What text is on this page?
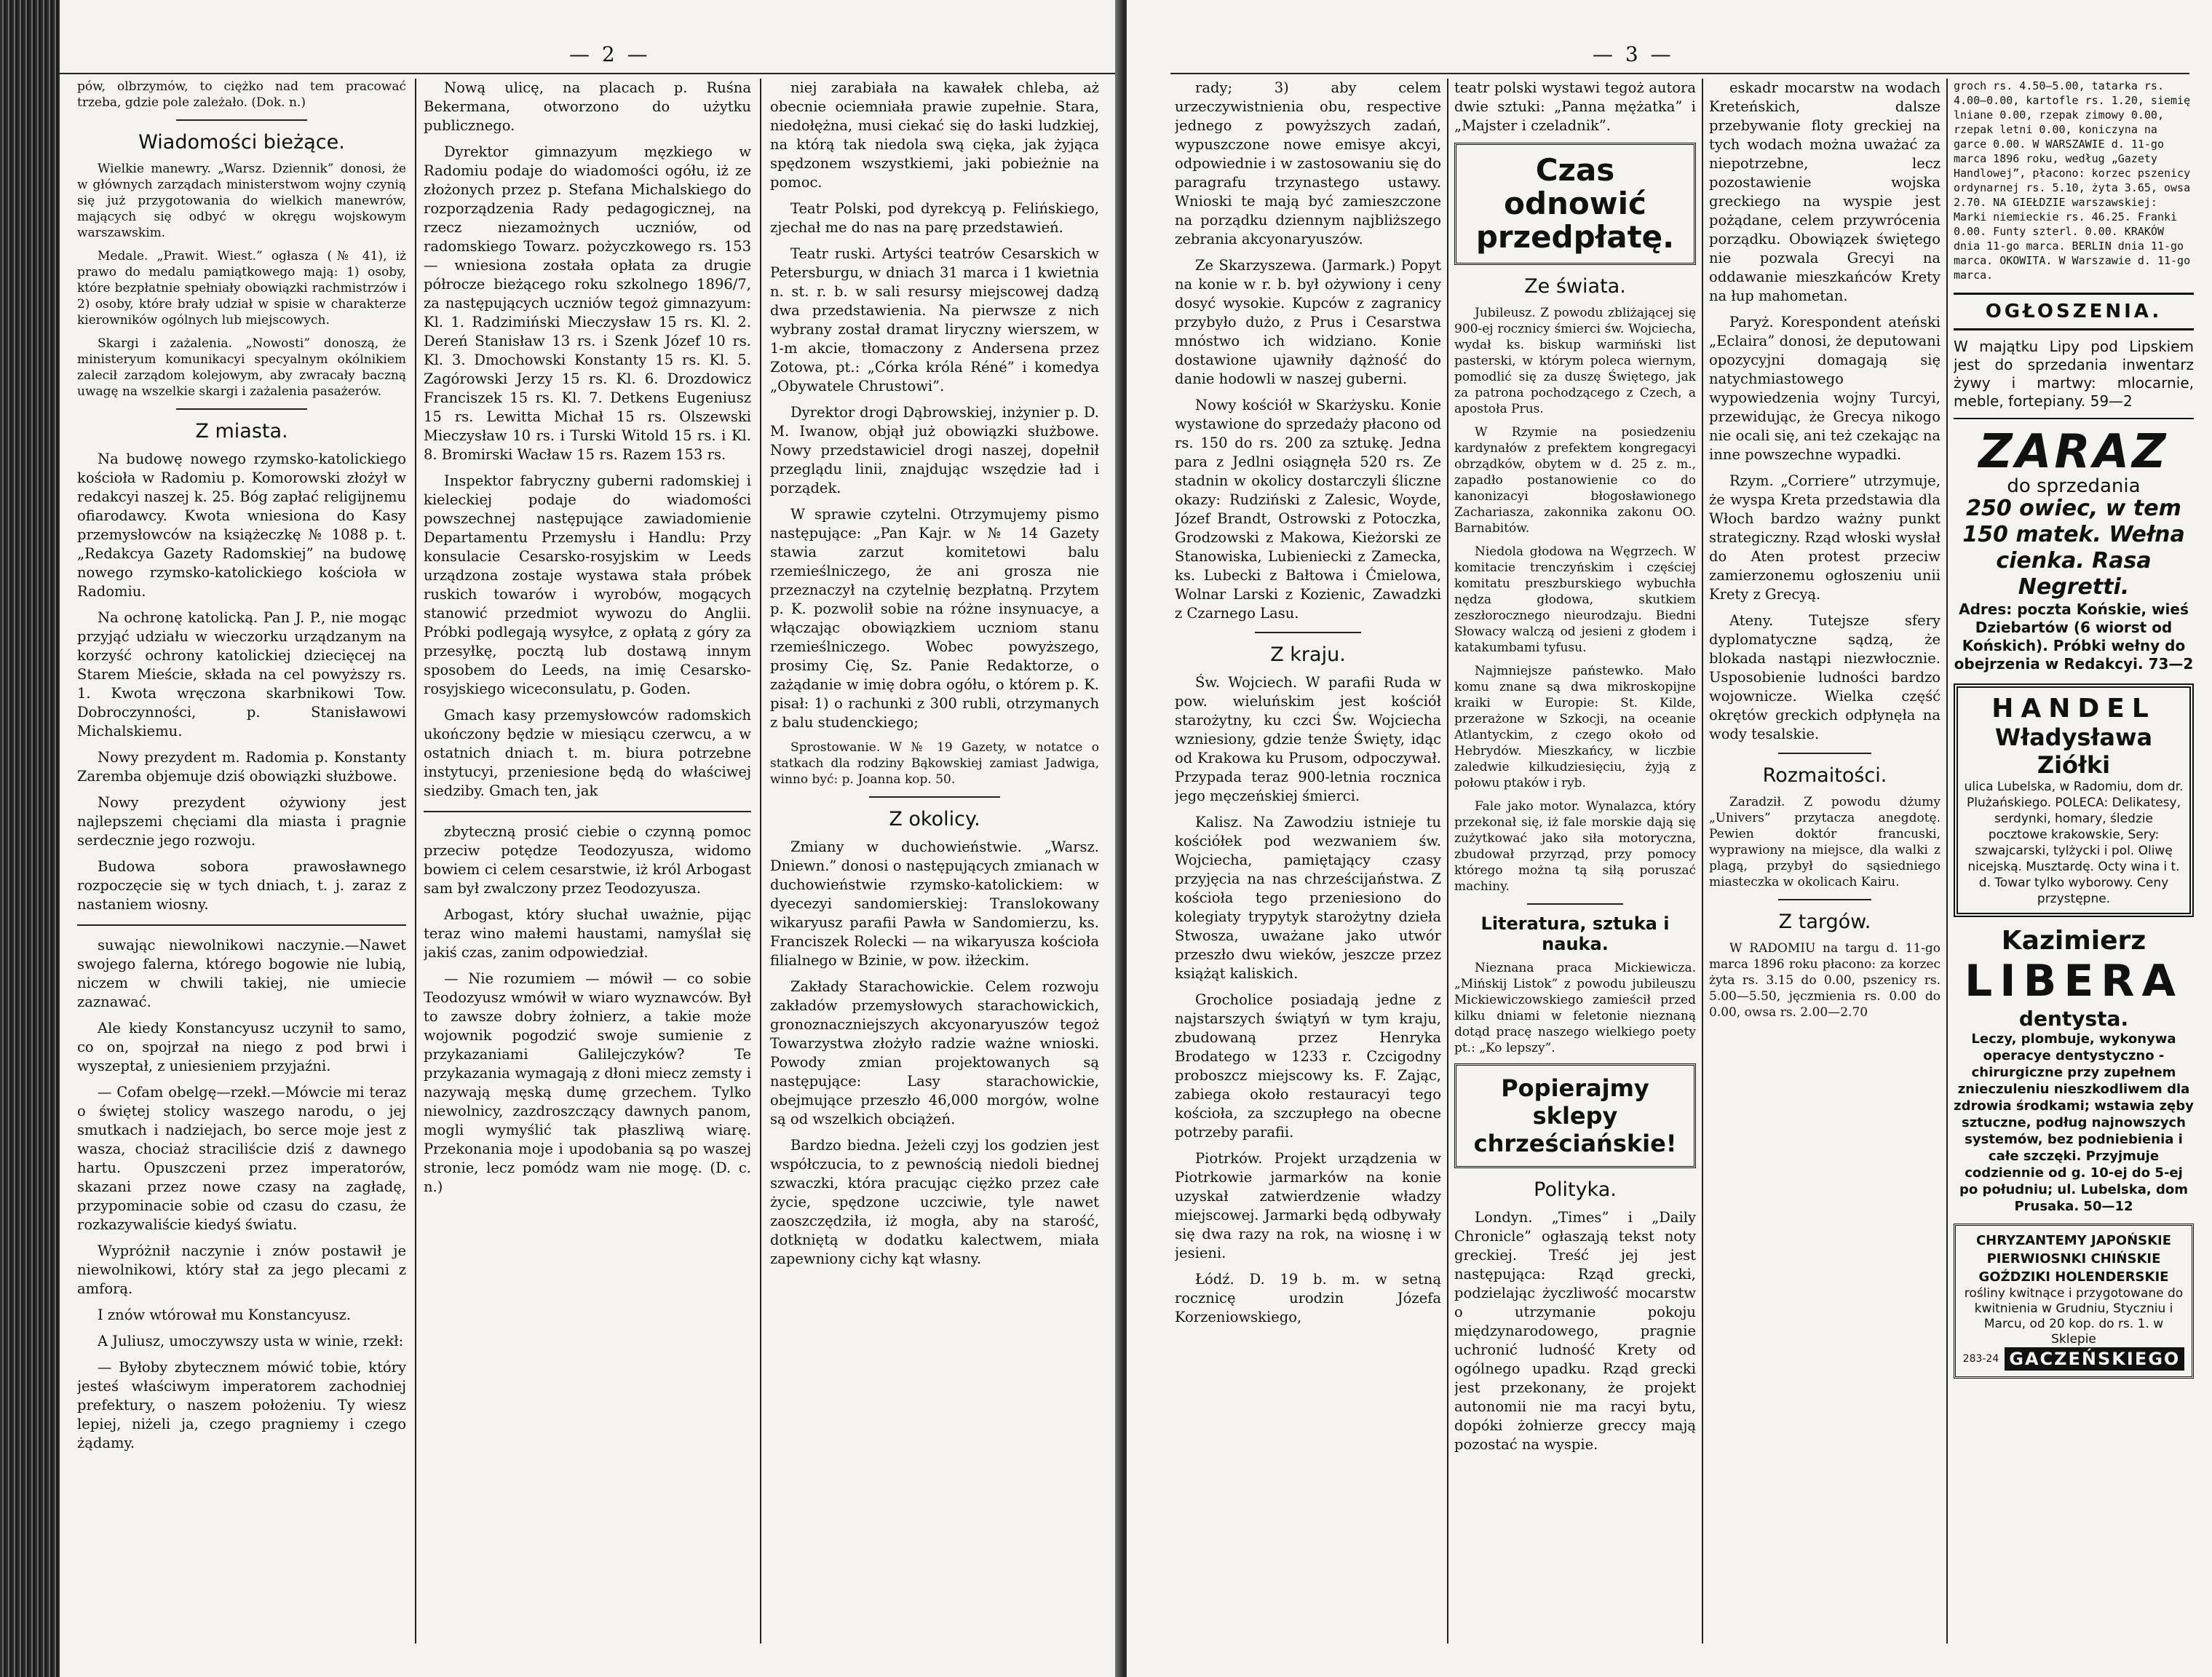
— 2 —

pów, olbrzymów, to ciężko nad tem pracować trzeba, gdzie pole zależało. (Dok. n.)

Wiadomości bieżące.

Wielkie manewry. „Warsz. Dziennik” donosi, że w głównych zarządach ministerstwom wojny czynią się już przygotowania do wielkich manewrów, mających się odbyć w okręgu wojskowym warszawskim.

Medale. „Prawit. Wiest.” ogłasza (№ 41), iż prawo do medalu pamiątkowego mają: 1) osoby, które bezpłatnie spełniały obowiązki rachmistrzów i 2) osoby, które brały udział w spisie w charakterze kierowników ogólnych lub miejscowych.

Skargi i zażalenia. „Nowosti” donoszą, że ministeryum komunikacyi specyalnym okólnikiem zalecił zarządom kolejowym, aby zwracały baczną uwagę na wszelkie skargi i zażalenia pasażerów.

Z miasta.

Na budowę nowego rzymsko-katolickiego kościoła w Radomiu p. Komorowski złożył w redakcyi naszej k. 25. Bóg zapłać religijnemu ofiarodawcy. Kwota wniesiona do Kasy przemysłowców na książeczkę № 1088 p. t. „Redakcya Gazety Radomskiej” na budowę nowego rzymsko-katolickiego kościoła w Radomiu.

Na ochronę katolicką. Pan J. P., nie mogąc przyjąć udziału w wieczorku urządzanym na korzyść ochrony katolickiej dziecięcej na Starem Mieście, składa na cel powyższy rs. 1. Kwota wręczona skarbnikowi Tow. Dobroczynności, p. Stanisławowi Michalskiemu.

Nowy prezydent m. Radomia p. Konstanty Zaremba objemuje dziś obowiązki służbowe.

Nowy prezydent ożywiony jest najlepszemi chęciami dla miasta i pragnie serdecznie jego rozwoju.

Budowa sobora prawosławnego rozpoczęcie się w tych dniach, t. j. zaraz z nastaniem wiosny.

suwając niewolnikowi naczynie.—Nawet swojego falerna, którego bogowie nie lubią, niczem w chwili takiej, nie umiecie zaznawać.

Ale kiedy Konstancyusz uczynił to samo, co on, spojrzał na niego z pod brwi i wyszeptał, z uniesieniem przyjaźni.

— Cofam obelgę—rzekł.—Mówcie mi teraz o świętej stolicy waszego narodu, o jej smutkach i nadziejach, bo serce moje jest z wasza, chociaż straciliście dziś z dawnego hartu. Opuszczeni przez imperatorów, skazani przez nowe czasy na zagładę, przypominacie sobie od czasu do czasu, że rozkazywaliście kiedyś światu.

Wypróżnił naczynie i znów postawił je niewolnikowi, który stał za jego plecami z amforą.

I znów wtórował mu Konstancyusz.

A Juliusz, umoczywszy usta w winie, rzekł:

— Byłoby zbytecznem mówić tobie, który jesteś właściwym imperatorem zachodniej prefektury, o naszem położeniu. Ty wiesz lepiej, niżeli ja, czego pragniemy i czego żądamy.

Nową ulicę, na placach p. Ruśna Bekermana, otworzono do użytku publicznego.

Dyrektor gimnazyum męzkiego w Radomiu podaje do wiadomości ogółu, iż ze złożonych przez p. Stefana Michalskiego do rozporządzenia Rady pedagogicznej, na rzecz niezamożnych uczniów, od radomskiego Towarz. pożyczkowego rs. 153 — wniesiona została opłata za drugie półrocze bieżącego roku szkolnego 1896/7, za następujących uczniów tegoż gimnazyum: Kl. 1. Radzimiński Mieczysław 15 rs. Kl. 2. Dereń Stanisław 13 rs. i Szenk Józef 10 rs. Kl. 3. Dmochowski Konstanty 15 rs. Kl. 5. Zagórowski Jerzy 15 rs. Kl. 6. Drozdowicz Franciszek 15 rs. Kl. 7. Detkens Eugeniusz 15 rs. Lewitta Michał 15 rs. Olszewski Mieczysław 10 rs. i Turski Witold 15 rs. i Kl. 8. Bromirski Wacław 15 rs. Razem 153 rs.

Inspektor fabryczny guberni radomskiej i kieleckiej podaje do wiadomości powszechnej następujące zawiadomienie Departamentu Przemysłu i Handlu: Przy konsulacie Cesarsko-rosyjskim w Leeds urządzona zostaje wystawa stała próbek ruskich towarów i wyrobów, mogących stanowić przedmiot wywozu do Anglii. Próbki podlegają wysyłce, z opłatą z góry za przesyłkę, pocztą lub dostawą innym sposobem do Leeds, na imię Cesarsko-rosyjskiego wiceconsulatu, p. Goden.

Gmach kasy przemysłowców radomskich ukończony będzie w miesiącu czerwcu, a w ostatnich dniach t. m. biura potrzebne instytucyi, przeniesione będą do właściwej siedziby. Gmach ten, jak

zbyteczną prosić ciebie o czynną pomoc przeciw potędze Teodozyusza, widomo bowiem ci celem cesarstwie, iż król Arbogast sam był zwalczony przez Teodozyusza.

Arbogast, który słuchał uważnie, pijąc teraz wino małemi haustami, namyślał się jakiś czas, zanim odpowiedział.

— Nie rozumiem — mówił — co sobie Teodozyusz wmówił w wiaro wyznawców. Był to zawsze dobry żołnierz, a takie może wojownik pogodzić swoje sumienie z przykazaniami Galilejczyków? Te przykazania wymagają z dłoni miecz zemsty i nazywają męską dumę grzechem. Tylko niewolnicy, zazdroszczący dawnych panom, mogli wymyślić tak płaszliwą wiarę. Przekonania moje i upodobania są po waszej stronie, lecz pomódz wam nie mogę. (D. c. n.)

niej zarabiała na kawałek chleba, aż obecnie ociemniała prawie zupełnie. Stara, niedołężna, musi ciekać się do łaski ludzkiej, na którą tak niedola swą cięka, jak żyjąca spędzonem wszystkiemi, jaki pobieżnie na pomoc.

Teatr Polski, pod dyrekcyą p. Felińskiego, zjechał me do nas na parę przedstawień.

Teatr ruski. Artyści teatrów Cesarskich w Petersburgu, w dniach 31 marca i 1 kwietnia n. st. r. b. w sali resursy miejscowej dadzą dwa przedstawienia. Na pierwsze z nich wybrany został dramat liryczny wierszem, w 1-m akcie, tłomaczony z Andersena przez Zotowa, pt.: „Córka króla Réné” i komedya „Obywatele Chrustowi”.

Dyrektor drogi Dąbrowskiej, inżynier p. D. M. Iwanow, objął już obowiązki służbowe. Nowy przedstawiciel drogi naszej, dopełnił przeglądu linii, znajdując wszędzie ład i porządek.

W sprawie czytelni. Otrzymujemy pismo następujące: „Pan Kajr. w № 14 Gazety stawia zarzut komitetowi balu rzemieślniczego, że ani grosza nie przeznaczył na czytelnię bezpłatną. Przytem p. K. pozwolił sobie na różne insynuacye, a włączając obowiązkiem uczniom stanu rzemieślniczego. Wobec powyższego, prosimy Cię, Sz. Panie Redaktorze, o zażądanie w imię dobra ogółu, o którem p. K. pisał: 1) o rachunki z 300 rubli, otrzymanych z balu studenckiego;

Sprostowanie. W № 19 Gazety, w notatce o statkach dla rodziny Bąkowskiej zamiast Jadwiga, winno być: p. Joanna kop. 50.

Z okolicy.

Zmiany w duchowieństwie. „Warsz. Dniewn.” donosi o następujących zmianach w duchowieństwie rzymsko-katolickiem: w dyecezyi sandomierskiej: Translokowany wikaryusz parafii Pawła w Sandomierzu, ks. Franciszek Rolecki — na wikaryusza kościoła filialnego w Bzinie, w pow. iłżeckim.

Zakłady Starachowickie. Celem rozwoju zakładów przemysłowych starachowickich, gronoznaczniejszych akcyonaryuszów tegoż Towarzystwa złożyło radzie ważne wnioski. Powody zmian projektowanych są następujące: Lasy starachowickie, obejmujące przeszło 46,000 morgów, wolne są od wszelkich obciążeń.

Bardzo biedna. Jeżeli czyj los godzien jest współczucia, to z pewnością niedoli biednej szwaczki, która pracując ciężko przez całe życie, spędzone uczciwie, tyle nawet zaoszczędziła, iż mogła, aby na starość, dotkniętą w dodatku kalectwem, miała zapewniony cichy kąt własny.

— 3 —

rady; 3) aby celem urzeczywistnienia obu, respective jednego z powyższych zadań, wypuszczone nowe emisye akcyi, odpowiednie i w zastosowaniu się do paragrafu trzynastego ustawy. Wnioski te mają być zamieszczone na porządku dziennym najbliższego zebrania akcyonaryuszów.

Ze Skarzyszewa. (Jarmark.) Popyt na konie w r. b. był ożywiony i ceny dosyć wysokie. Kupców z zagranicy przybyło dużo, z Prus i Cesarstwa mnóstwo ich widziano. Konie dostawione ujawniły dążność do danie hodowli w naszej guberni.

Nowy kościół w Skarżysku. Konie wystawione do sprzedaży płacono od rs. 150 do rs. 200 za sztukę. Jedna para z Jedlni osiągnęła 520 rs. Ze stadnin w okolicy dostarczyli śliczne okazy: Rudziński z Zalesic, Woyde, Józef Brandt, Ostrowski z Potoczka, Grodzowski z Makowa, Kieżorski ze Stanowiska, Lubieniecki z Zamecka, ks. Lubecki z Bałtowa i Ćmielowa, Wolnar Larski z Kozienic, Zawadzki z Czarnego Lasu.

Z kraju.

Św. Wojciech. W parafii Ruda w pow. wieluńskim jest kościół starożytny, ku czci Św. Wojciecha wzniesiony, gdzie tenże Święty, idąc od Krakowa ku Prusom, odpoczywał. Przypada teraz 900-letnia rocznica jego męczeńskiej śmierci.

Kalisz. Na Zawodziu istnieje tu kościółek pod wezwaniem św. Wojciecha, pamiętający czasy przyjęcia na nas chrześcijaństwa. Z kościoła tego przeniesiono do kolegiaty trypytyk starożytny dzieła Stwosza, uważane jako utwór przeszło dwu wieków, jeszcze przez książąt kaliskich.

Grocholice posiadają jedne z najstarszych świątyń w tym kraju, zbudowaną przez Henryka Brodatego w 1233 r. Czcigodny proboszcz miejscowy ks. F. Zając, zabiega około restauracyi tego kościoła, za szczupłego na obecne potrzeby parafii.

Piotrków. Projekt urządzenia w Piotrkowie jarmarków na konie uzyskał zatwierdzenie władzy miejscowej. Jarmarki będą odbywały się dwa razy na rok, na wiosnę i w jesieni.

Łódź. D. 19 b. m. w setną rocznicę urodzin Józefa Korzeniowskiego,

teatr polski wystawi tegoż autora dwie sztuki: „Panna mężatka” i „Majster i czeladnik”.

Czas odnowić przedpłatę.
Ze świata.

Jubileusz. Z powodu zbliżającej się 900-ej rocznicy śmierci św. Wojciecha, wydał ks. biskup warmiński list pasterski, w którym poleca wiernym, pomodlić się za duszę Świętego, jak za patrona pochodzącego z Czech, a apostoła Prus.

W Rzymie na posiedzeniu kardynałów z prefektem kongregacyi obrządków, obytem w d. 25 z. m., zapadło postanowienie co do kanonizacyi błogosławionego Zachariasza, zakonnika zakonu OO. Barnabitów.

Niedola głodowa na Węgrzech. W komitacie trenczyńskim i częściej komitatu preszburskiego wybuchła nędza głodowa, skutkiem zeszłorocznego nieurodzaju. Biedni Słowacy walczą od jesieni z głodem i katakumbami tyfusu.

Najmniejsze państewko. Mało komu znane są dwa mikroskopijne kraiki w Europie: St. Kilde, przerażone w Szkocji, na oceanie Atlantyckim, z czego około od Hebrydów. Mieszkańcy, w liczbie zaledwie kilkudziesięciu, żyją z połowu ptaków i ryb.

Fale jako motor. Wynalazca, który przekonał się, iż fale morskie dają się zużytkować jako siła motoryczna, zbudował przyrząd, przy pomocy którego można tą siłą poruszać machiny.

Literatura, sztuka i nauka.

Nieznana praca Mickiewicza. „Mińskij Listok” z powodu jubileuszu Mickiewiczowskiego zamieścił przed kilku dniami w feletonie nieznaną dotąd pracę naszego wielkiego poety pt.: „Ko lepszy”.

Popierajmy sklepy chrześciańskie!
Polityka.

Londyn. „Times” i „Daily Chronicle” ogłaszają tekst noty greckiej. Treść jej jest następująca: Rząd grecki, podzielając życzliwość mocarstw o utrzymanie pokoju międzynarodowego, pragnie uchronić ludność Krety od ogólnego upadku. Rząd grecki jest przekonany, że projekt autonomii nie ma racyi bytu, dopóki żołnierze greccy mają pozostać na wyspie.

eskadr mocarstw na wodach Kreteńskich, dalsze przebywanie floty greckiej na tych wodach można uważać za niepotrzebne, lecz pozostawienie wojska greckiego na wyspie jest pożądane, celem przywrócenia porządku. Obowiązek świętego nie pozwala Grecyi na oddawanie mieszkańców Krety na łup mahometan.

Paryż. Korespondent ateński „Eclaira” donosi, że deputowani opozycyjni domagają się natychmiastowego wypowiedzenia wojny Turcyi, przewidując, że Grecya nikogo nie ocali się, ani też czekając na inne powszechne wypadki.

Rzym. „Corriere” utrzymuje, że wyspa Kreta przedstawia dla Włoch bardzo ważny punkt strategiczny. Rząd włoski wysłał do Aten protest przeciw zamierzonemu ogłoszeniu unii Krety z Grecyą.

Ateny. Tutejsze sfery dyplomatyczne sądzą, że blokada nastąpi niezwłocznie. Usposobienie ludności bardzo wojownicze. Wielka część okrętów greckich odpłynęła na wody tesalskie.

Rozmaitości.

Zaradził. Z powodu dżumy „Univers” przytacza anegdotę. Pewien doktór francuski, wyprawiony na miejsce, dla walki z plagą, przybył do sąsiedniego miasteczka w okolicach Kairu.

Z targów.

W RADOMIU na targu d. 11-go marca 1896 roku płacono: za korzec żyta rs. 3.15 do 0.00, pszenicy rs. 5.00—5.50, jęczmienia rs. 0.00 do 0.00, owsa rs. 2.00—2.70

groch rs. 4.50—5.00, tatarka rs. 4.00—0.00, kartofle rs. 1.20, siemię lniane 0.00, rzepak zimowy 0.00, rzepak letni 0.00, koniczyna na garce 0.00. W WARSZAWIE d. 11-go marca 1896 roku, według „Gazety Handlowej”, płacono: korzec pszenicy ordynarnej rs. 5.10, żyta 3.65, owsa 2.70. NA GIEŁDZIE warszawskiej: Marki niemieckie rs. 46.25. Franki 0.00. Funty szterl. 0.00. KRAKÓW dnia 11-go marca. BERLIN dnia 11-go marca. OKOWITA. W Warszawie d. 11-go marca.
OGŁOSZENIA.
W majątku Lipy pod Lipskiem jest do sprzedania inwentarz żywy i martwy: mlocarnie, meble, fortepiany. 59—2
ZARAZ
do sprzedania
250 owiec, w tem 150 matek. Wełna cienka. Rasa Negretti.
Adres: poczta Końskie, wieś Dziebartów (6 wiorst od Końskich). Próbki wełny do obejrzenia w Redakcyi. 73—2
HANDEL
Władysława Ziółki
ulica Lubelska, w Radomiu, dom dr. Plużańskiego. POLECA: Delikatesy, serdynki, homary, śledzie pocztowe krakowskie, Sery: szwajcarski, tylżycki i pol. Oliwę nicejską. Musztardę. Octy wina i t. d. Towar tylko wyborowy. Ceny przystępne.
Kazimierz
LIBERA
dentysta.
Leczy, plombuje, wykonywa operacye dentystyczno - chirurgiczne przy zupełnem znieczuleniu nieszkodliwem dla zdrowia środkami; wstawia zęby sztuczne, podług najnowszych systemów, bez podniebienia i całe szczęki. Przyjmuje codziennie od g. 10-ej do 5-ej po południu; ul. Lubelska, dom Prusaka. 50—12
CHRYZANTEMY JAPOŃSKIE PIERWIOSNKI CHIŃSKIE GOŹDZIKI HOLENDERSKIE
rośliny kwitnące i przygotowane do kwitnienia w Grudniu, Styczniu i Marcu, od 20 kop. do rs. 1. w Sklepie
283-24 GACZEŃSKIEGO
